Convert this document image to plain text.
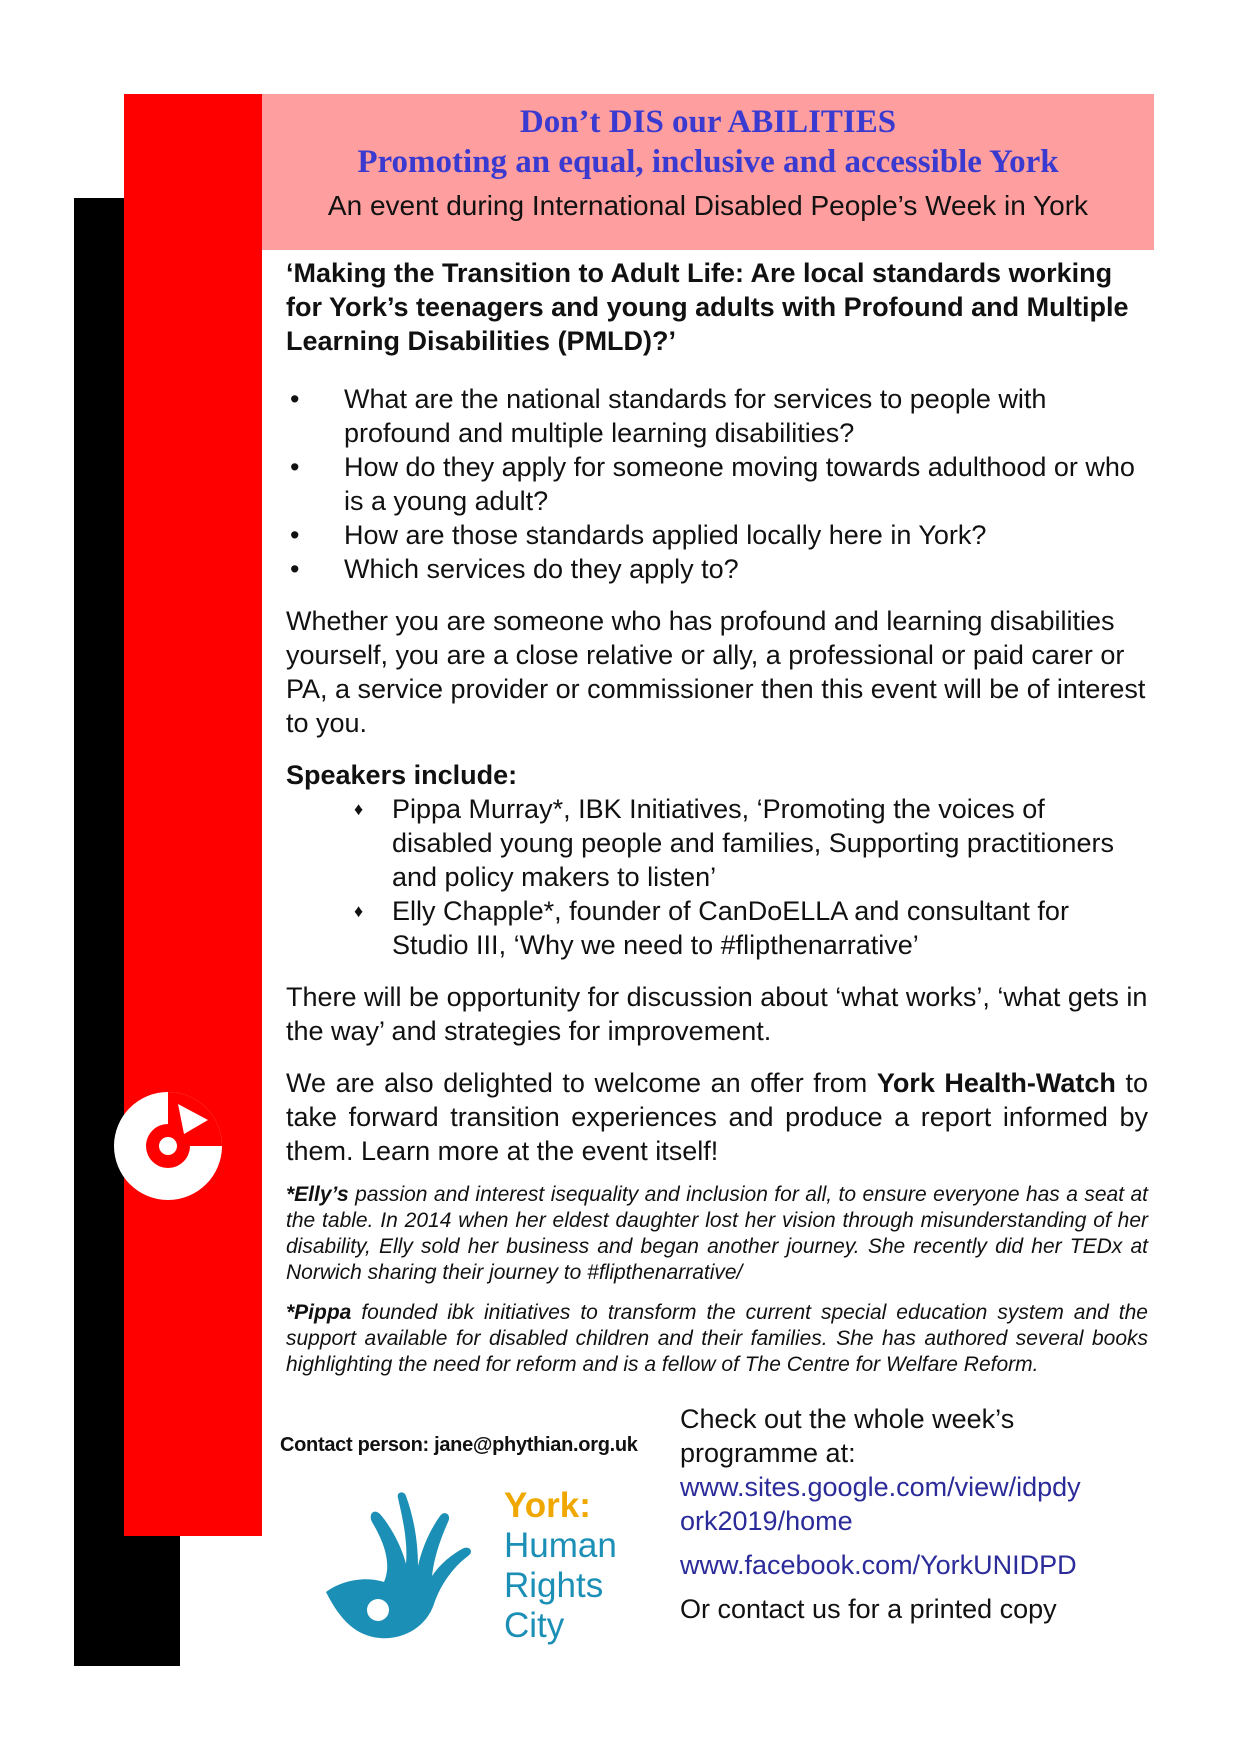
Don’t DIS our ABILITIES
Promoting an equal, inclusive and accessible York
An event during International Disabled People’s Week in York
‘Making the Transition to Adult Life: Are local standards working for York’s teenagers and young adults with Profound and Multiple Learning Disabilities (PMLD)?’
• What are the national standards for services to people with profound and multiple learning disabilities?
• How do they apply for someone moving towards adulthood or who is a young adult?
• How are those standards applied locally here in York?
• Which services do they apply to?
Whether you are someone who has profound and learning disabilities yourself, you are a close relative or ally, a professional or paid carer or PA, a service provider or commissioner then this event will be of interest to you.
Speakers include:
♦ Pippa Murray*, IBK Initiatives, ‘Promoting the voices of disabled young people and families, Supporting practitioners and policy makers to listen’
♦ Elly Chapple*, founder of CanDoELLA and consultant for Studio III, ‘Why we need to #flipthenarrative’
There will be opportunity for discussion about ‘what works’, ‘what gets in the way’ and strategies for improvement.
We are also delighted to welcome an offer from York Health-Watch to take forward transition experiences and produce a report informed by them. Learn more at the event itself!
*Elly’s passion and interest isequality and inclusion for all, to ensure everyone has a seat at the table. In 2014 when her eldest daughter lost her vision through misunderstanding of her disability, Elly sold her business and began another journey. She recently did her TEDx at Norwich sharing their journey to #flipthenarrative/
*Pippa founded ibk initiatives to transform the current special education system and the support available for disabled children and their families. She has authored several books highlighting the need for reform and is a fellow of The Centre for Welfare Reform.
Contact person: jane@phythian.org.uk
York:
Human
Rights
City
Check out the whole week’s programme at:
www.sites.google.com/view/idpdy
ork2019/home
www.facebook.com/YorkUNIDPD
Or contact us for a printed copy
